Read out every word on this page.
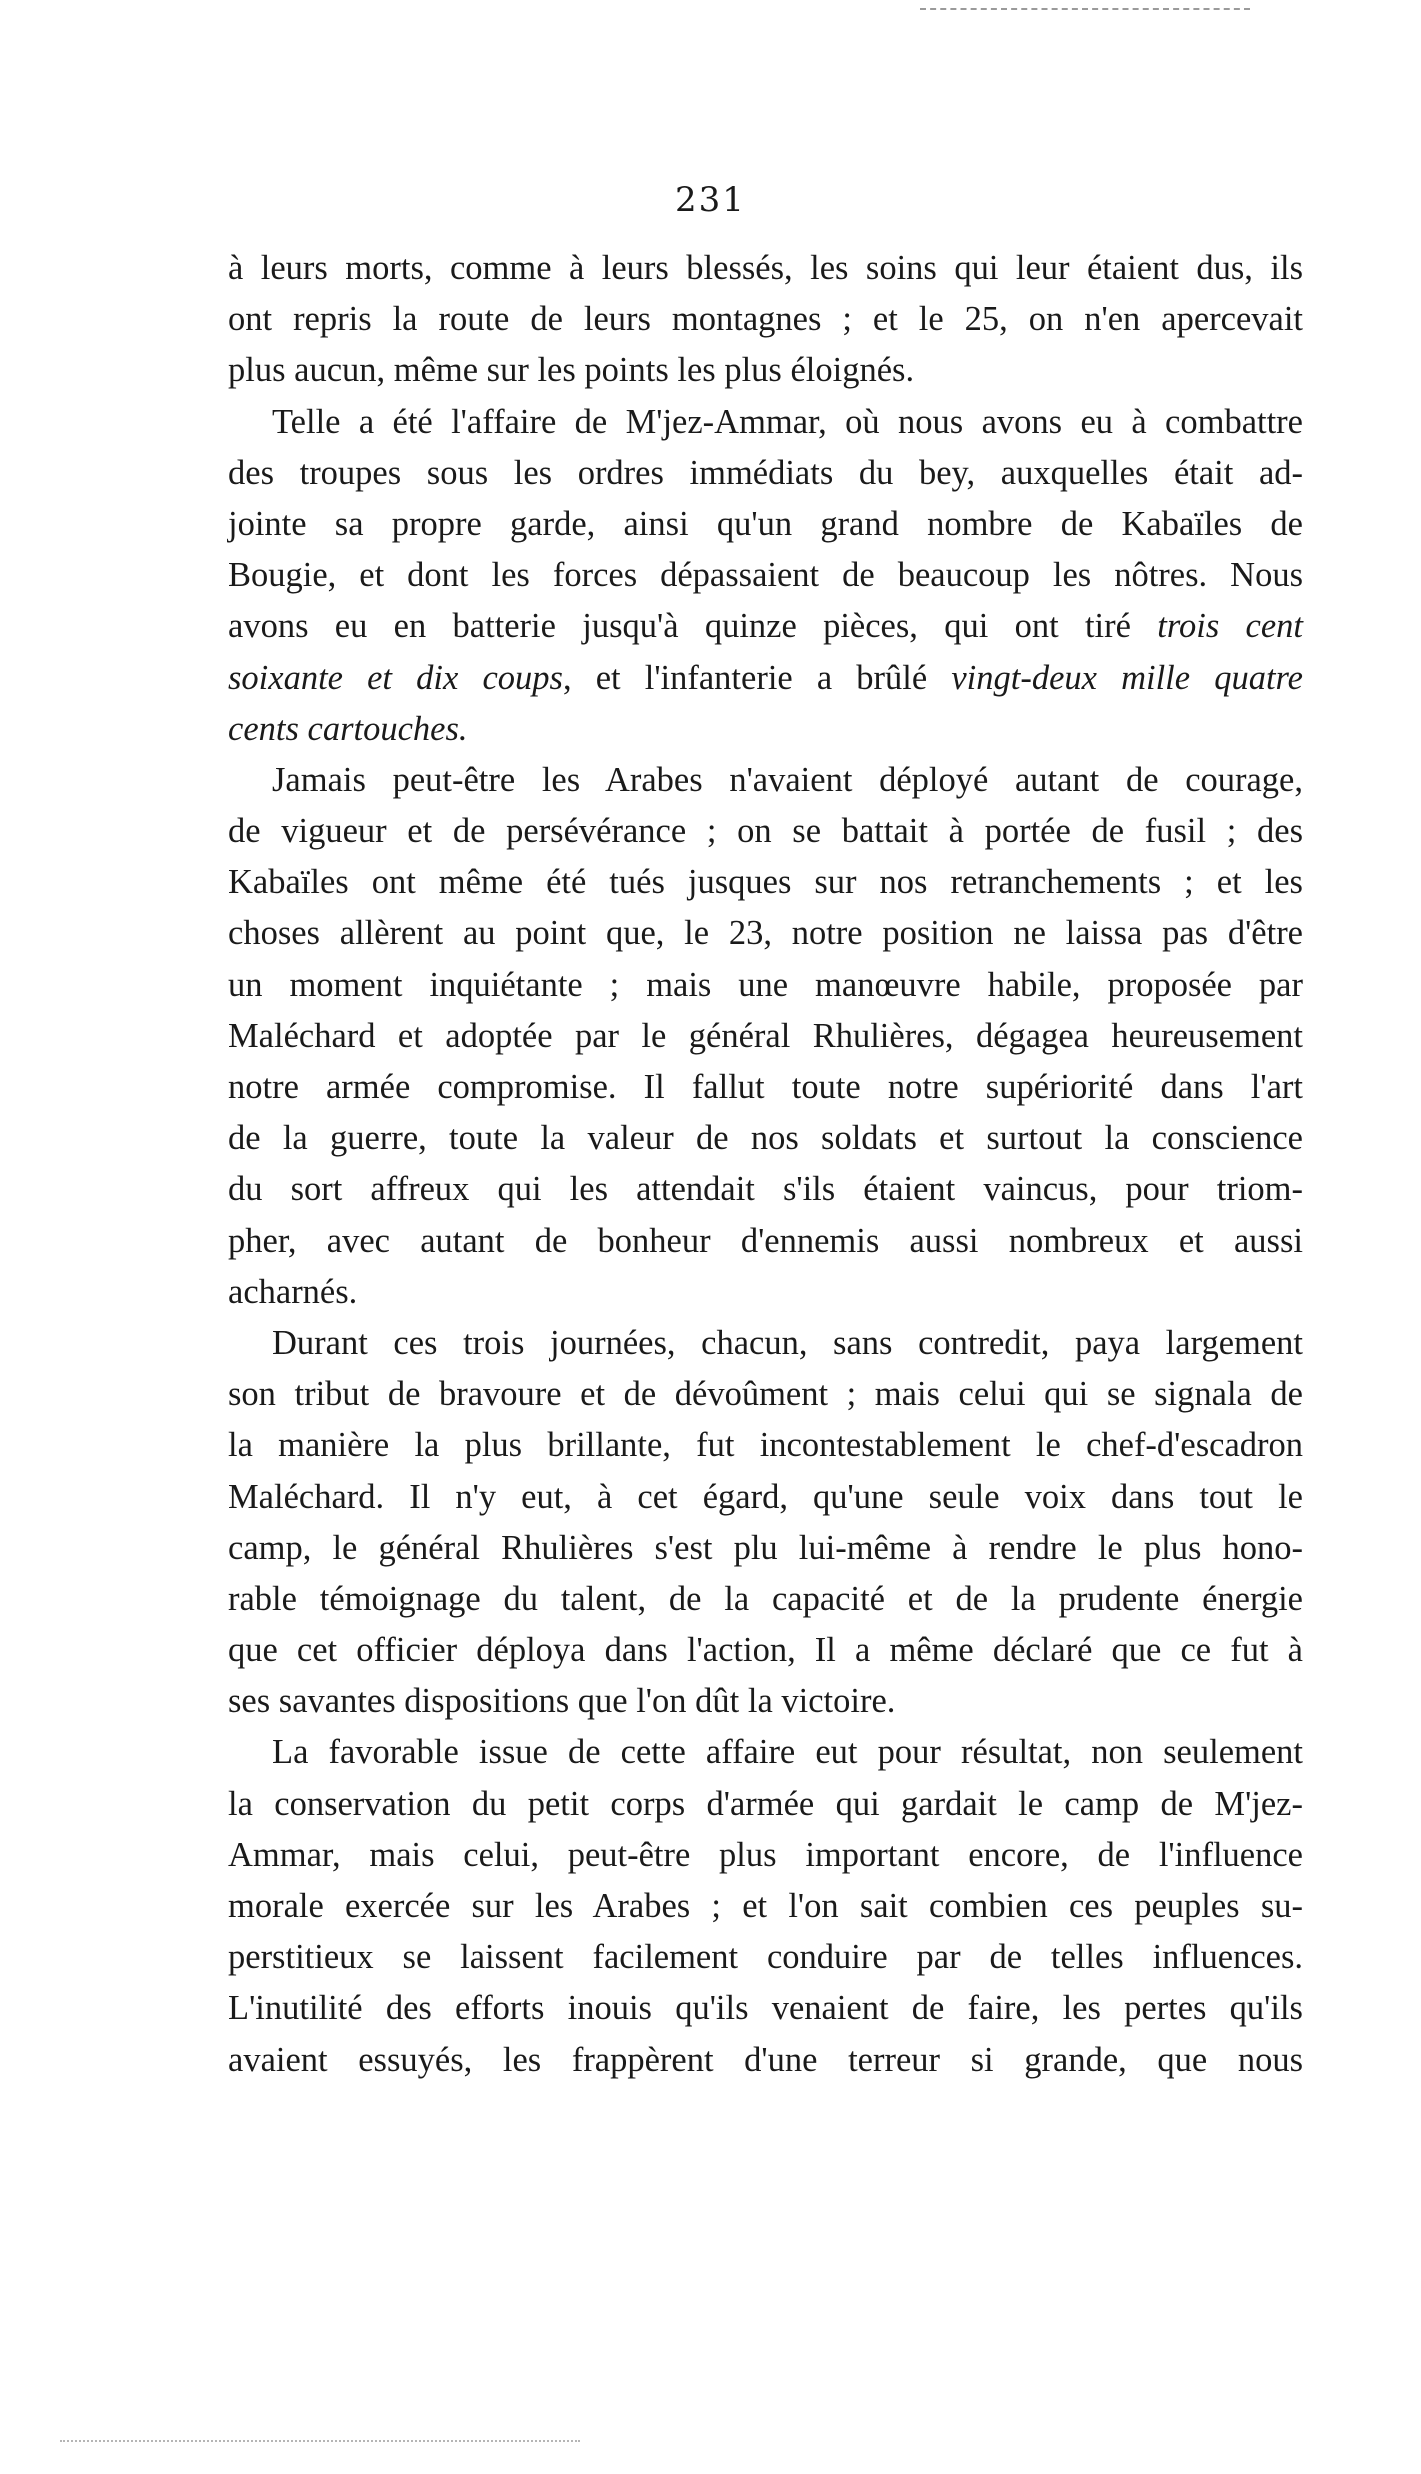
231
à leurs morts, comme à leurs blessés, les soins qui leur étaient dus, ils
ont repris la route de leurs montagnes ; et le 25, on n'en apercevait
plus aucun, même sur les points les plus éloignés.
Telle a été l'affaire de M'jez-Ammar, où nous avons eu à combattre
des troupes sous les ordres immédiats du bey, auxquelles était ad-
jointe sa propre garde, ainsi qu'un grand nombre de Kabaïles de
Bougie, et dont les forces dépassaient de beaucoup les nôtres. Nous
avons eu en batterie jusqu'à quinze pièces, qui ont tiré trois cent
soixante et dix coups, et l'infanterie a brûlé vingt-deux mille quatre
cents cartouches.
Jamais peut-être les Arabes n'avaient déployé autant de courage,
de vigueur et de persévérance ; on se battait à portée de fusil ; des
Kabaïles ont même été tués jusques sur nos retranchements ; et les
choses allèrent au point que, le 23, notre position ne laissa pas d'être
un moment inquiétante ; mais une manœuvre habile, proposée par
Maléchard et adoptée par le général Rhulières, dégagea heureusement
notre armée compromise. Il fallut toute notre supériorité dans l'art
de la guerre, toute la valeur de nos soldats et surtout la conscience
du sort affreux qui les attendait s'ils étaient vaincus, pour triom-
pher, avec autant de bonheur d'ennemis aussi nombreux et aussi
acharnés.
Durant ces trois journées, chacun, sans contredit, paya largement
son tribut de bravoure et de dévoûment ; mais celui qui se signala de
la manière la plus brillante, fut incontestablement le chef-d'escadron
Maléchard. Il n'y eut, à cet égard, qu'une seule voix dans tout le
camp, le général Rhulières s'est plu lui-même à rendre le plus hono-
rable témoignage du talent, de la capacité et de la prudente énergie
que cet officier déploya dans l'action, Il a même déclaré que ce fut à
ses savantes dispositions que l'on dût la victoire.
La favorable issue de cette affaire eut pour résultat, non seulement
la conservation du petit corps d'armée qui gardait le camp de M'jez-
Ammar, mais celui, peut-être plus important encore, de l'influence
morale exercée sur les Arabes ; et l'on sait combien ces peuples su-
perstitieux se laissent facilement conduire par de telles influences.
L'inutilité des efforts inouis qu'ils venaient de faire, les pertes qu'ils
avaient essuyés, les frappèrent d'une terreur si grande, que nous
